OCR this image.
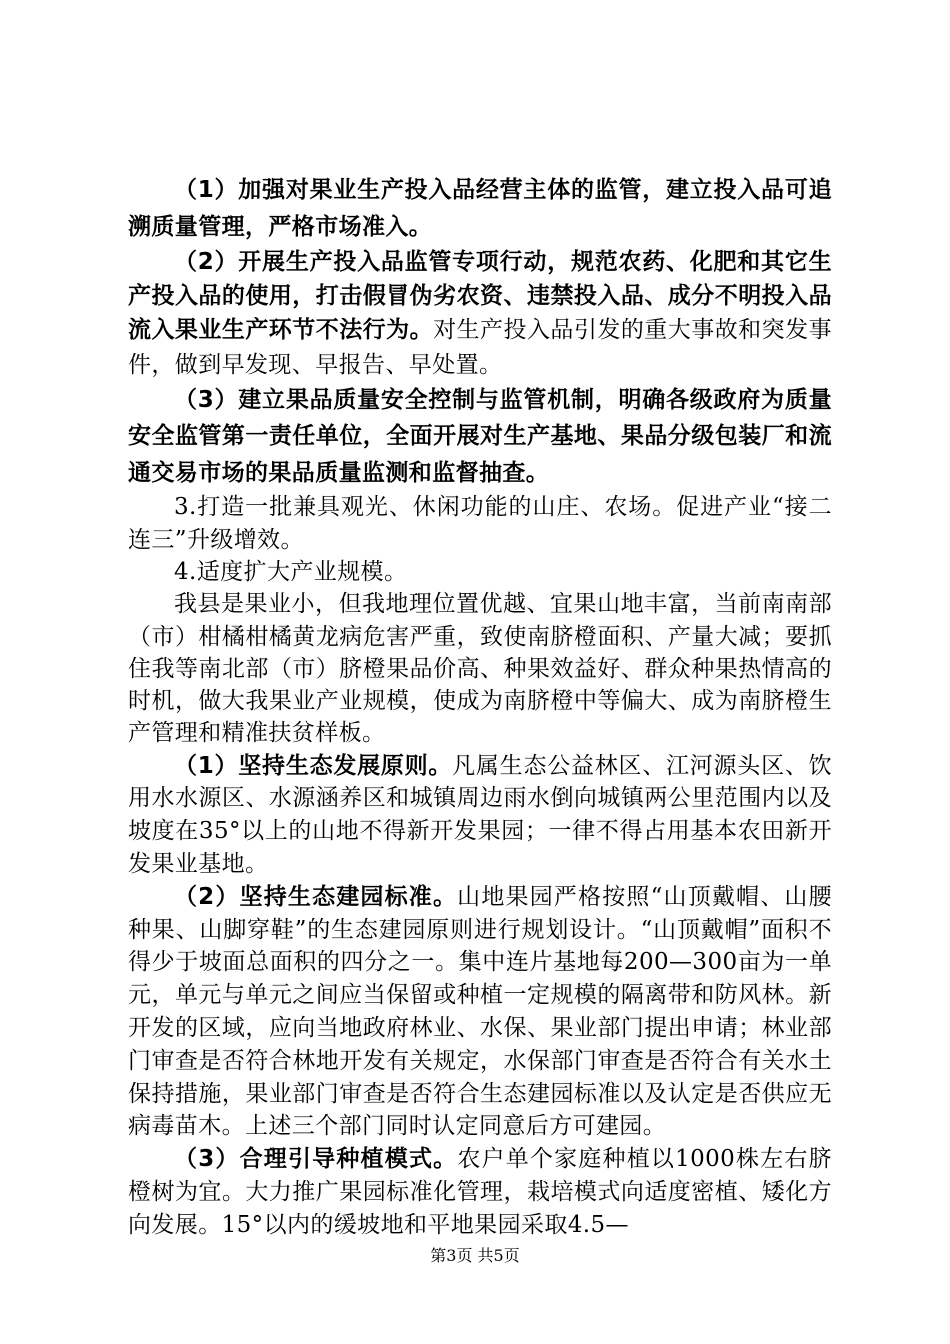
（1）加强对果业生产投入品经营主体的监管，建立投入品可追溯质量管理，严格市场准入。

（2）开展生产投入品监管专项行动，规范农药、化肥和其它生产投入品的使用，打击假冒伪劣农资、违禁投入品、成分不明投入品流入果业生产环节不法行为。对生产投入品引发的重大事故和突发事件，做到早发现、早报告、早处置。

（3）建立果品质量安全控制与监管机制，明确各级政府为质量安全监管第一责任单位，全面开展对生产基地、果品分级包装厂和流通交易市场的果品质量监测和监督抽查。

3.打造一批兼具观光、休闲功能的山庄、农场。促进产业“接二连三”升级增效。

4.适度扩大产业规模。

我县是果业小，但我地理位置优越、宜果山地丰富，当前南南部（市）柑橘柑橘黄龙病危害严重，致使南脐橙面积、产量大减；要抓住我等南北部（市）脐橙果品价高、种果效益好、群众种果热情高的时机，做大我果业产业规模，使成为南脐橙中等偏大、成为南脐橙生产管理和精准扶贫样板。

（1）坚持生态发展原则。凡属生态公益林区、江河源头区、饮用水水源区、水源涵养区和城镇周边雨水倒向城镇两公里范围内以及坡度在35°以上的山地不得新开发果园；一律不得占用基本农田新开发果业基地。

（2）坚持生态建园标准。山地果园严格按照“山顶戴帽、山腰种果、山脚穿鞋”的生态建园原则进行规划设计。“山顶戴帽”面积不得少于坡面总面积的四分之一。集中连片基地每200—300亩为一单元，单元与单元之间应当保留或种植一定规模的隔离带和防风林。新开发的区域，应向当地政府林业、水保、果业部门提出申请；林业部门审查是否符合林地开发有关规定，水保部门审查是否符合有关水土保持措施，果业部门审查是否符合生态建园标准以及认定是否供应无病毒苗木。上述三个部门同时认定同意后方可建园。

（3）合理引导种植模式。农户单个家庭种植以1000株左右脐橙树为宜。大力推广果园标准化管理，栽培模式向适度密植、矮化方向发展。15°以内的缓坡地和平地果园采取4.5—

第3页 共5页
